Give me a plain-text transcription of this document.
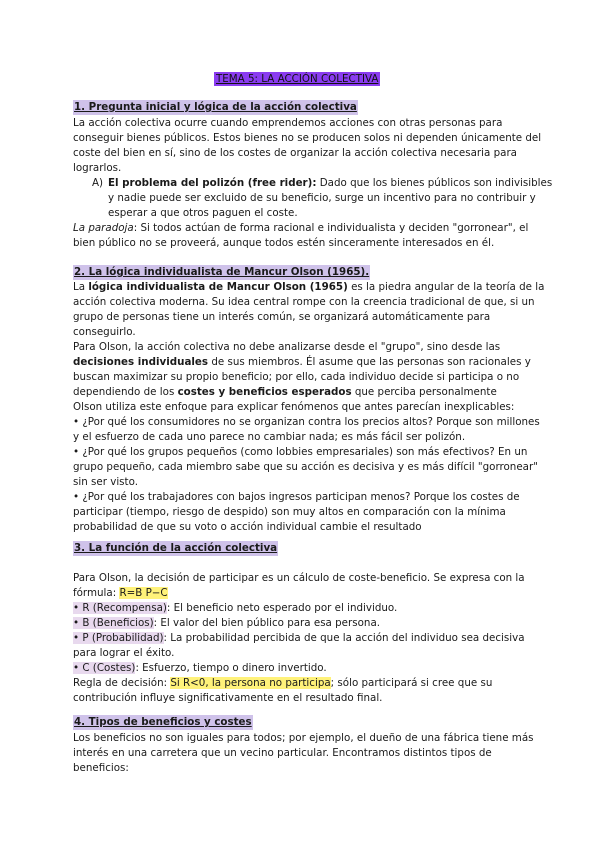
TEMA 5: LA ACCIÓN COLECTIVA
1. Pregunta inicial y lógica de la acción colectiva
La acción colectiva ocurre cuando emprendemos acciones con otras personas para
conseguir bienes públicos. Estos bienes no se producen solos ni dependen únicamente del
coste del bien en sí, sino de los costes de organizar la acción colectiva necesaria para
lograrlos.
A) El problema del polizón (free rider): Dado que los bienes públicos son indivisibles
y nadie puede ser excluido de su beneficio, surge un incentivo para no contribuir y
esperar a que otros paguen el coste.
La paradoja: Si todos actúan de forma racional e individualista y deciden "gorronear", el
bien público no se proveerá, aunque todos estén sinceramente interesados en él.
2. La lógica individualista de Mancur Olson (1965).
La lógica individualista de Mancur Olson (1965) es la piedra angular de la teoría de la
acción colectiva moderna. Su idea central rompe con la creencia tradicional de que, si un
grupo de personas tiene un interés común, se organizará automáticamente para
conseguirlo.
Para Olson, la acción colectiva no debe analizarse desde el "grupo", sino desde las
decisiones individuales de sus miembros. Él asume que las personas son racionales y
buscan maximizar su propio beneficio; por ello, cada individuo decide si participa o no
dependiendo de los costes y beneficios esperados que perciba personalmente
Olson utiliza este enfoque para explicar fenómenos que antes parecían inexplicables:
• ¿Por qué los consumidores no se organizan contra los precios altos? Porque son millones
y el esfuerzo de cada uno parece no cambiar nada; es más fácil ser polizón.
• ¿Por qué los grupos pequeños (como lobbies empresariales) son más efectivos? En un
grupo pequeño, cada miembro sabe que su acción es decisiva y es más difícil "gorronear"
sin ser visto.
• ¿Por qué los trabajadores con bajos ingresos participan menos? Porque los costes de
participar (tiempo, riesgo de despido) son muy altos en comparación con la mínima
probabilidad de que su voto o acción individual cambie el resultado
3. La función de la acción colectiva
Para Olson, la decisión de participar es un cálculo de coste-beneficio. Se expresa con la
fórmula: R=B P−C
• R (Recompensa): El beneficio neto esperado por el individuo.
• B (Beneficios): El valor del bien público para esa persona.
• P (Probabilidad): La probabilidad percibida de que la acción del individuo sea decisiva
para lograr el éxito.
• C (Costes): Esfuerzo, tiempo o dinero invertido.
Regla de decisión: Si R<0, la persona no participa; sólo participará si cree que su
contribución influye significativamente en el resultado final.
4. Tipos de beneficios y costes
Los beneficios no son iguales para todos; por ejemplo, el dueño de una fábrica tiene más
interés en una carretera que un vecino particular. Encontramos distintos tipos de
beneficios:
